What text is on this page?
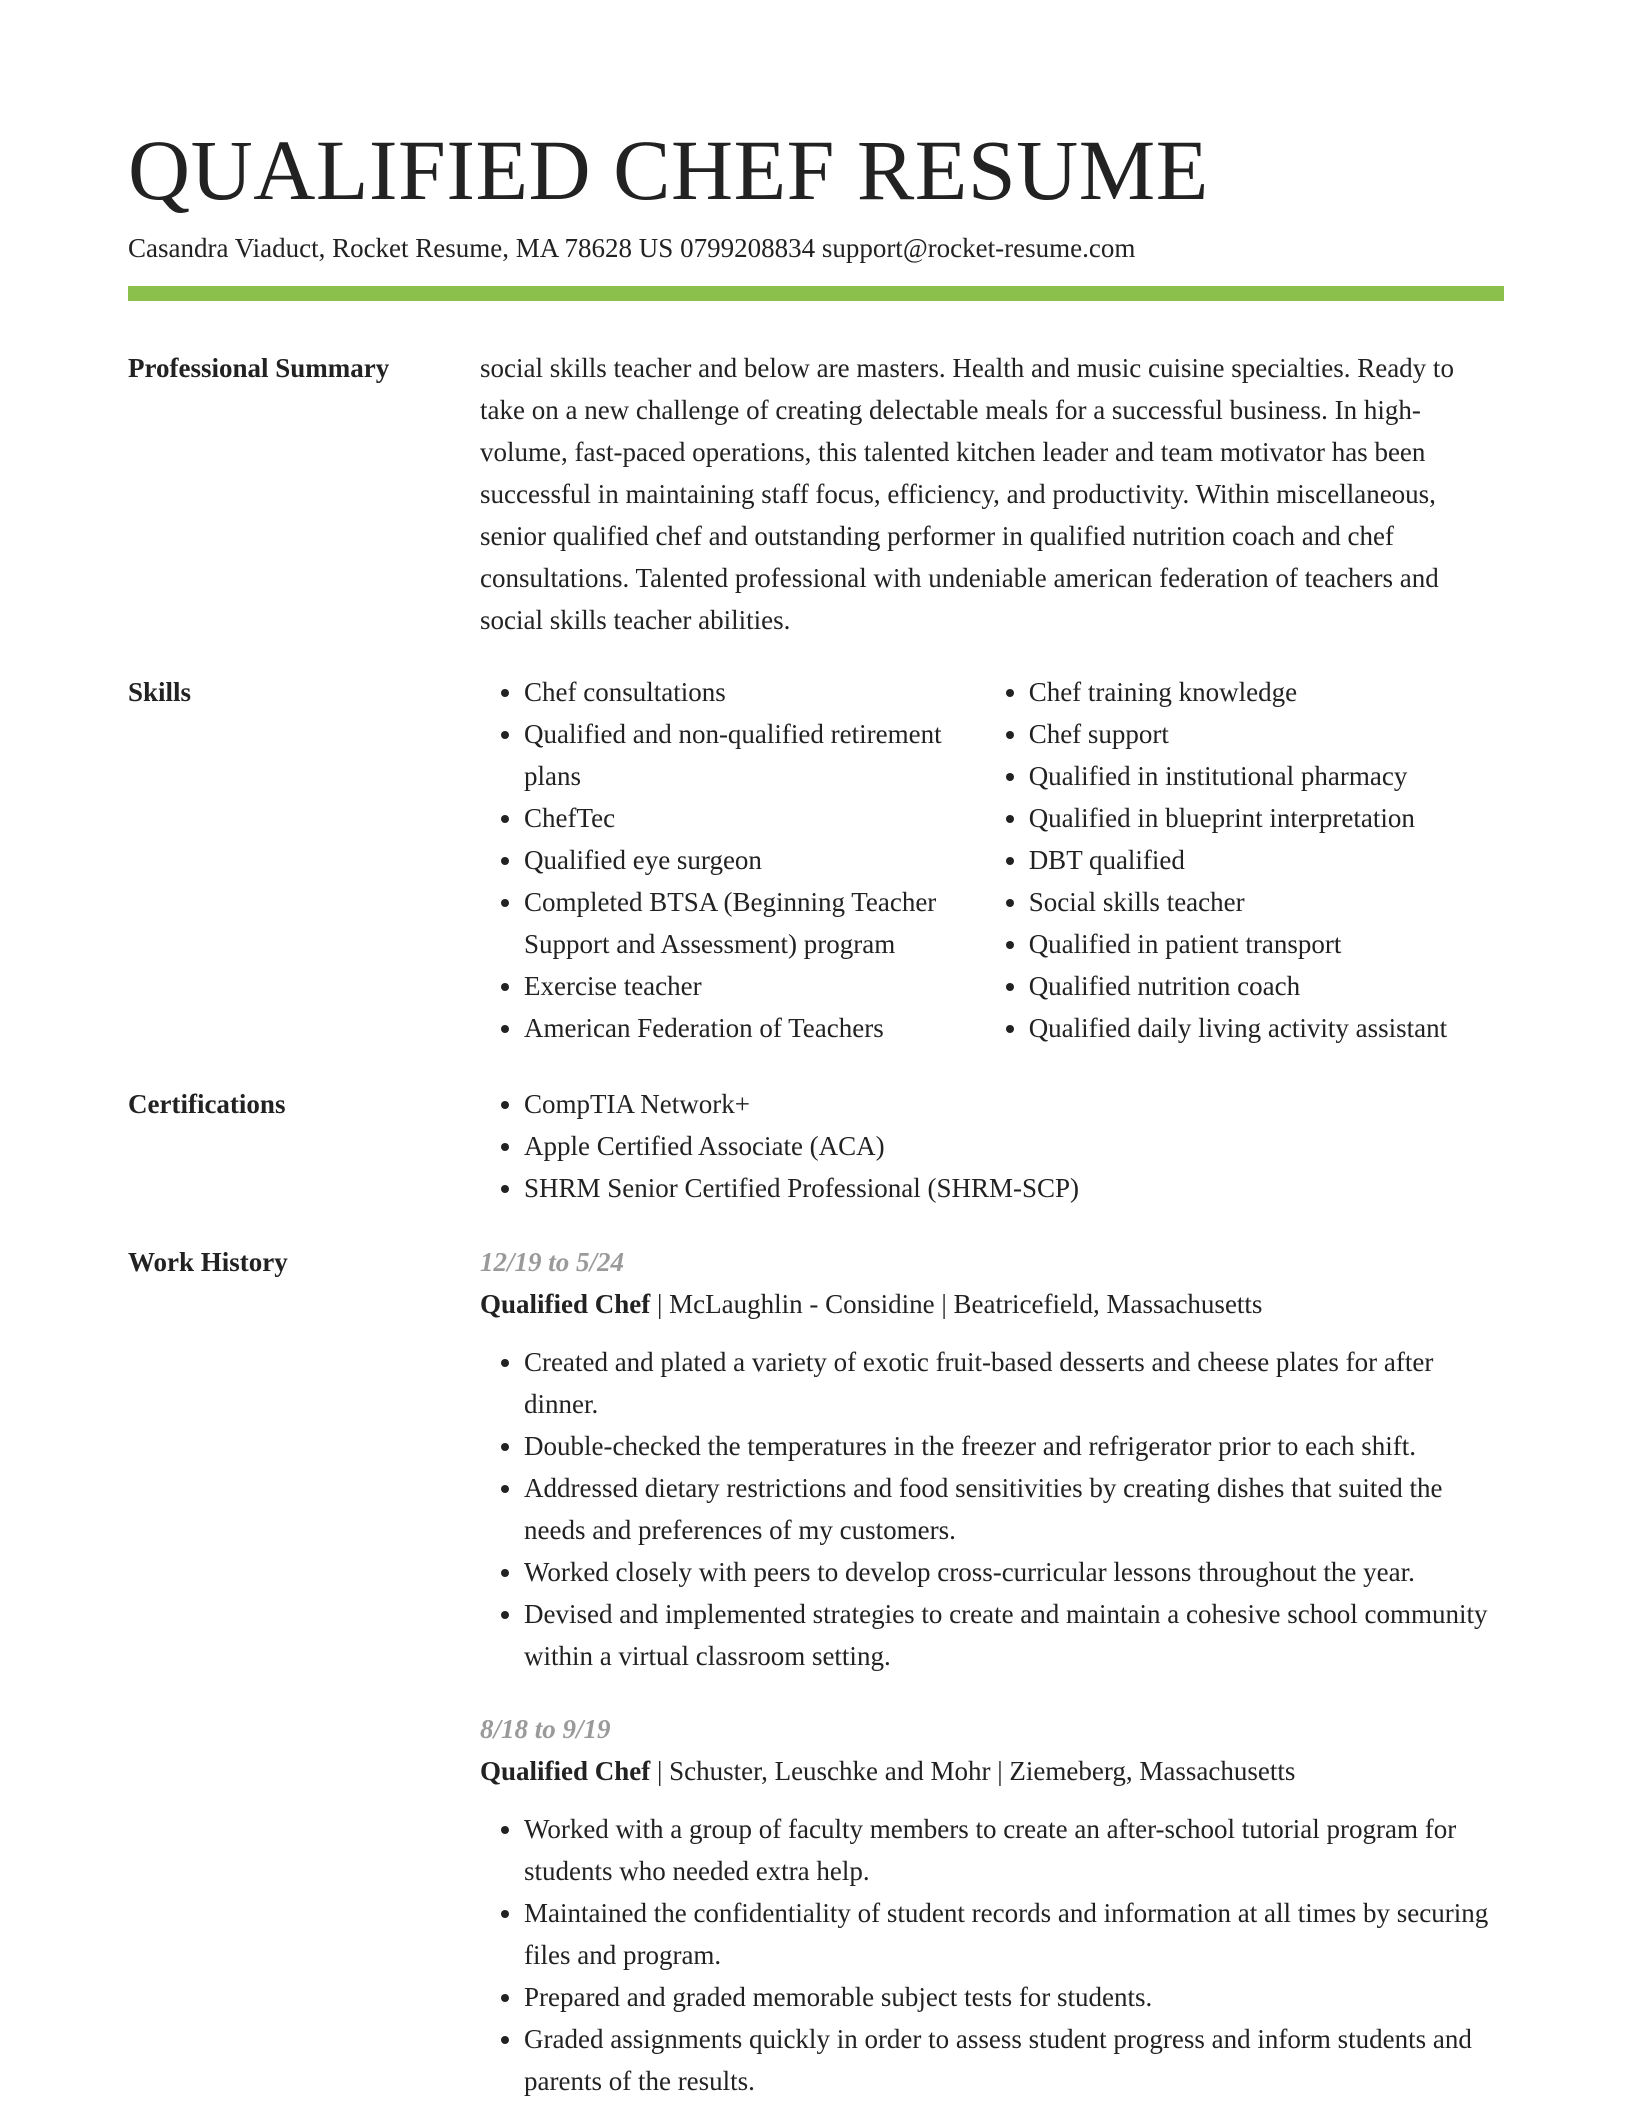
QUALIFIED CHEF RESUME
Casandra Viaduct, Rocket Resume, MA 78628 US 0799208834 support@rocket-resume.com
Professional Summary	social skills teacher and below are masters. Health and music cuisine specialties. Ready to take on a new challenge of creating delectable meals for a successful business. In high-volume, fast-paced operations, this talented kitchen leader and team motivator has been successful in maintaining staff focus, efficiency, and productivity. Within miscellaneous, senior qualified chef and outstanding performer in qualified nutrition coach and chef consultations. Talented professional with undeniable american federation of teachers and social skills teacher abilities.

Skills	• Chef consultations
• Qualified and non-qualified retirement plans
• ChefTec
• Qualified eye surgeon
• Completed BTSA (Beginning Teacher Support and Assessment) program
• Exercise teacher
• American Federation of Teachers
• Chef training knowledge
• Chef support
• Qualified in institutional pharmacy
• Qualified in blueprint interpretation
• DBT qualified
• Social skills teacher
• Qualified in patient transport
• Qualified nutrition coach
• Qualified daily living activity assistant
Certifications	• CompTIA Network+
• Apple Certified Associate (ACA)
• SHRM Senior Certified Professional (SHRM-SCP)
Work History	12/19 to 5/24
Qualified Chef | McLaughlin - Considine | Beatricefield, Massachusetts
• Created and plated a variety of exotic fruit-based desserts and cheese plates for after dinner.
• Double-checked the temperatures in the freezer and refrigerator prior to each shift.
• Addressed dietary restrictions and food sensitivities by creating dishes that suited the needs and preferences of my customers.
• Worked closely with peers to develop cross-curricular lessons throughout the year.
• Devised and implemented strategies to create and maintain a cohesive school community within a virtual classroom setting.
8/18 to 9/19
Qualified Chef | Schuster, Leuschke and Mohr | Ziemeberg, Massachusetts
• Worked with a group of faculty members to create an after-school tutorial program for students who needed extra help.
• Maintained the confidentiality of student records and information at all times by securing files and program.
• Prepared and graded memorable subject tests for students.
• Graded assignments quickly in order to assess student progress and inform students and parents of the results.
